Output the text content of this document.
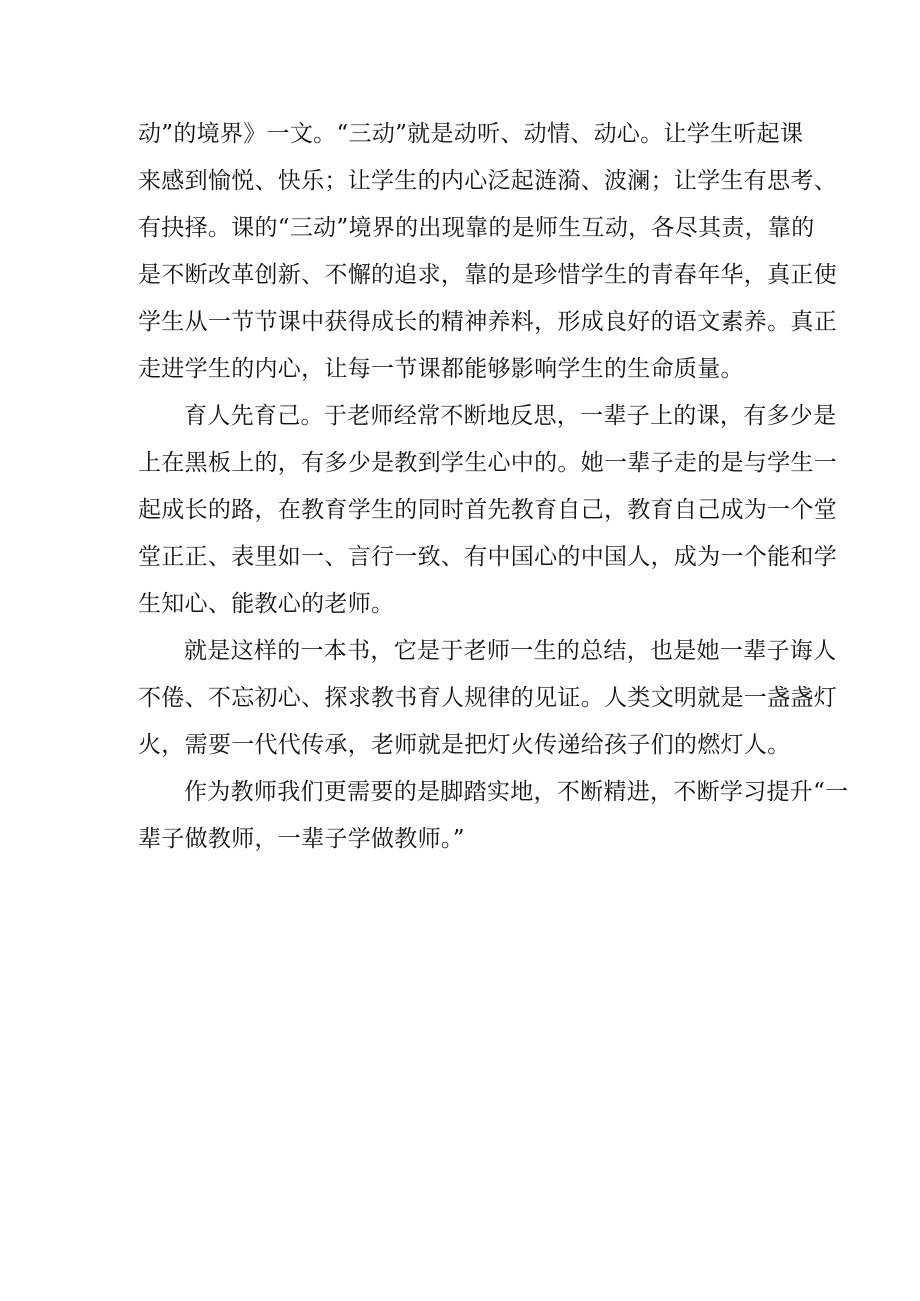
动”的境界》一文。“三动”就是动听、动情、动心。让学生听起课
来感到愉悦、快乐；让学生的内心泛起涟漪、波澜；让学生有思考、
有抉择。课的“三动”境界的出现靠的是师生互动，各尽其责，靠的
是不断改革创新、不懈的追求，靠的是珍惜学生的青春年华，真正使
学生从一节节课中获得成长的精神养料，形成良好的语文素养。真正
走进学生的内心，让每一节课都能够影响学生的生命质量。
育人先育己。于老师经常不断地反思，一辈子上的课，有多少是
上在黑板上的，有多少是教到学生心中的。她一辈子走的是与学生一
起成长的路，在教育学生的同时首先教育自己，教育自己成为一个堂
堂正正、表里如一、言行一致、有中国心的中国人，成为一个能和学
生知心、能教心的老师。
就是这样的一本书，它是于老师一生的总结，也是她一辈子诲人
不倦、不忘初心、探求教书育人规律的见证。人类文明就是一盏盏灯
火，需要一代代传承，老师就是把灯火传递给孩子们的燃灯人。
作为教师我们更需要的是脚踏实地，不断精进，不断学习提升“一
辈子做教师，一辈子学做教师。”
